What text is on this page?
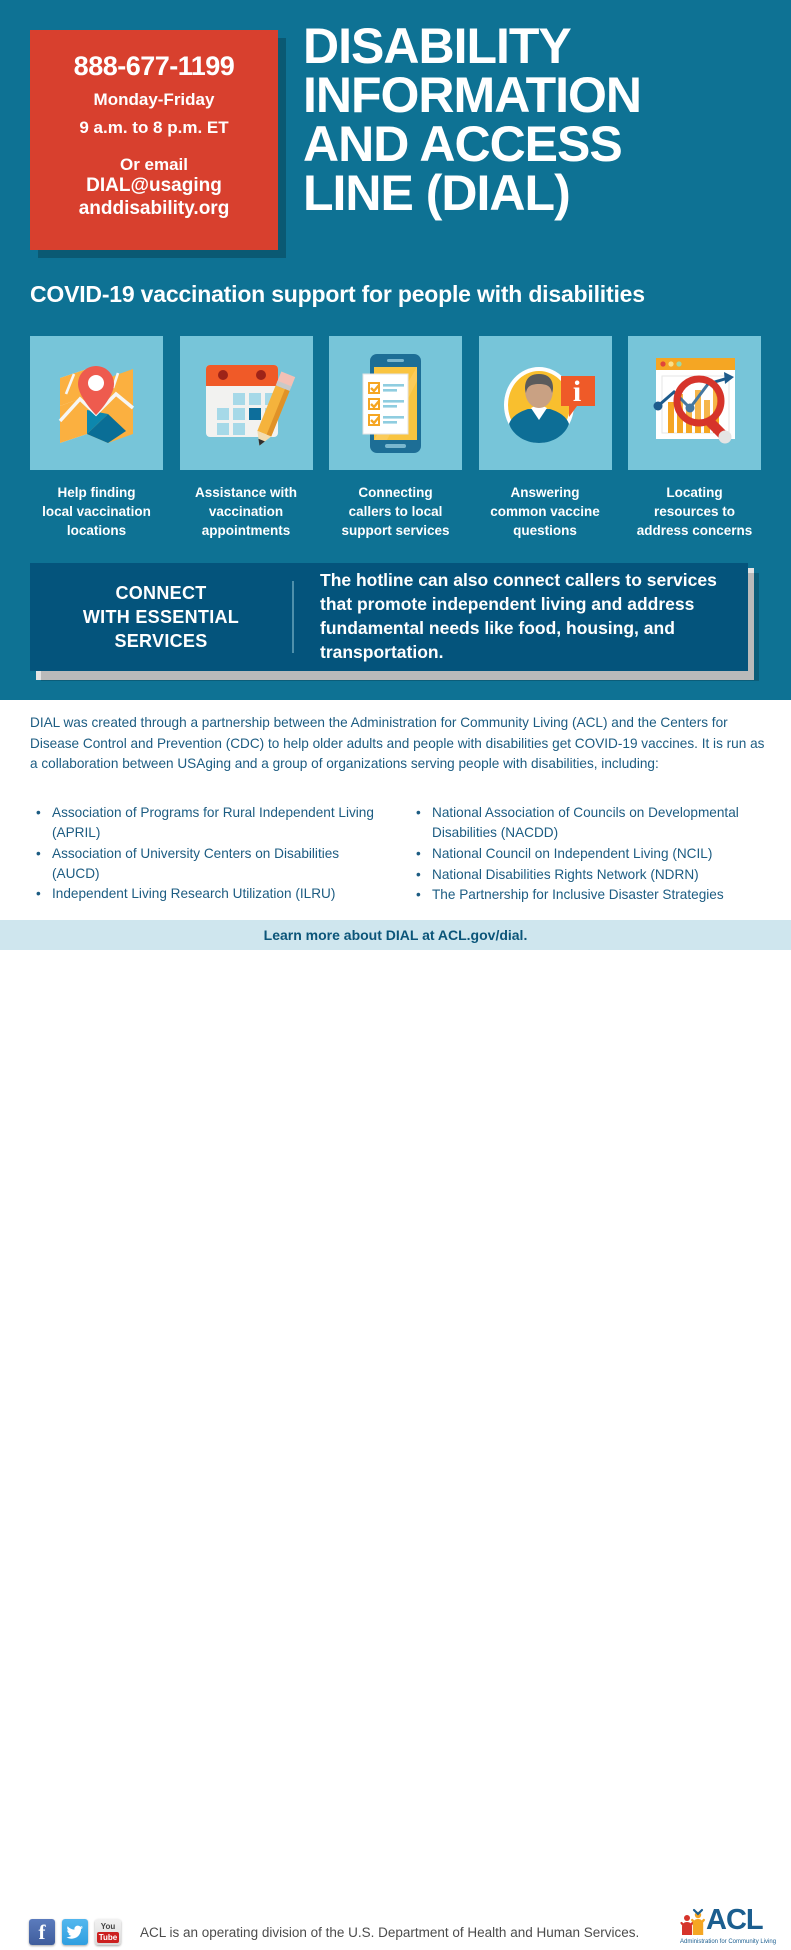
888-677-1199
Monday-Friday
9 a.m. to 8 p.m. ET
Or email
DIAL@usaging
anddisability.org
DISABILITY
INFORMATION
AND ACCESS
LINE (DIAL)
COVID-19 vaccination support for people with disabilities
Help finding
local vaccination
locations
Assistance with
vaccination
appointments
Connecting
callers to local
support services
i
Answering
common vaccine
questions
Locating
resources to
address concerns
CONNECT
WITH ESSENTIAL
SERVICES
The hotline can also connect callers to services that promote independent living and address fundamental needs like food, housing, and transportation.
DIAL was created through a partnership between the Administration for Community Living (ACL) and the Centers for Disease Control and Prevention (CDC) to help older adults and people with disabilities get COVID-19 vaccines. It is run as a collaboration between USAging and a group of organizations serving people with disabilities, including:
• Association of Programs for Rural Independent Living (APRIL)
• Association of University Centers on Disabilities (AUCD)
• Independent Living Research Utilization (ILRU)
• National Association of Councils on Developmental Disabilities (NACDD)
• National Council on Independent Living (NCIL)
• National Disabilities Rights Network (NDRN)
• The Partnership for Inclusive Disaster Strategies
Learn more about DIAL at ACL.gov/dial.
f	You
Tube ACL is an operating division of the U.S. Department of Health and Human Services. ACL
Administration for Community Living
